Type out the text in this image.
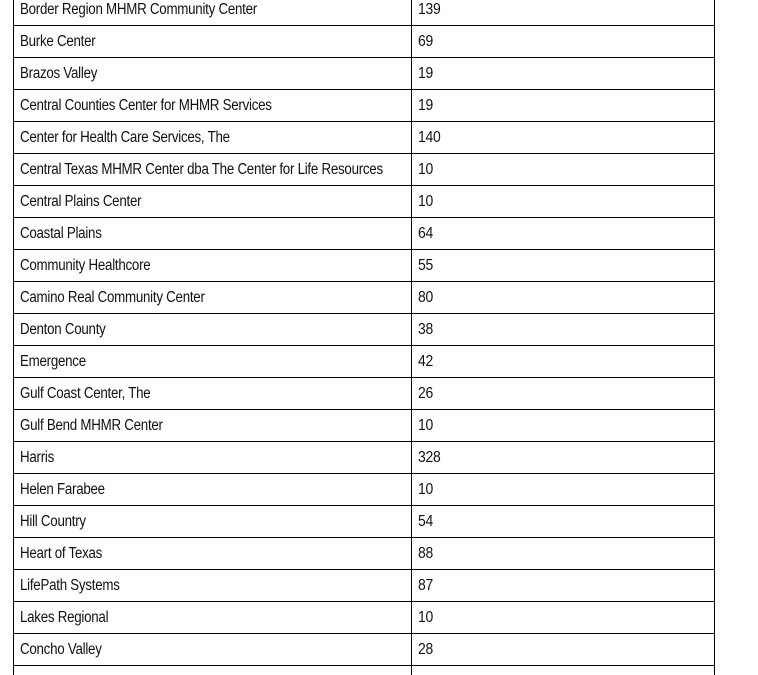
Border Region MHMR Community Center	139
Burke Center	69
Brazos Valley	19
Central Counties Center for MHMR Services	19
Center for Health Care Services, The	140
Central Texas MHMR Center dba The Center for Life Resources	10
Central Plains Center	10
Coastal Plains	64
Community Healthcore	55
Camino Real Community Center	80
Denton County	38
Emergence	42
Gulf Coast Center, The	26
Gulf Bend MHMR Center	10
Harris	328
Helen Farabee	10
Hill Country	54
Heart of Texas	88
LifePath Systems	87
Lakes Regional	10
Concho Valley	28
